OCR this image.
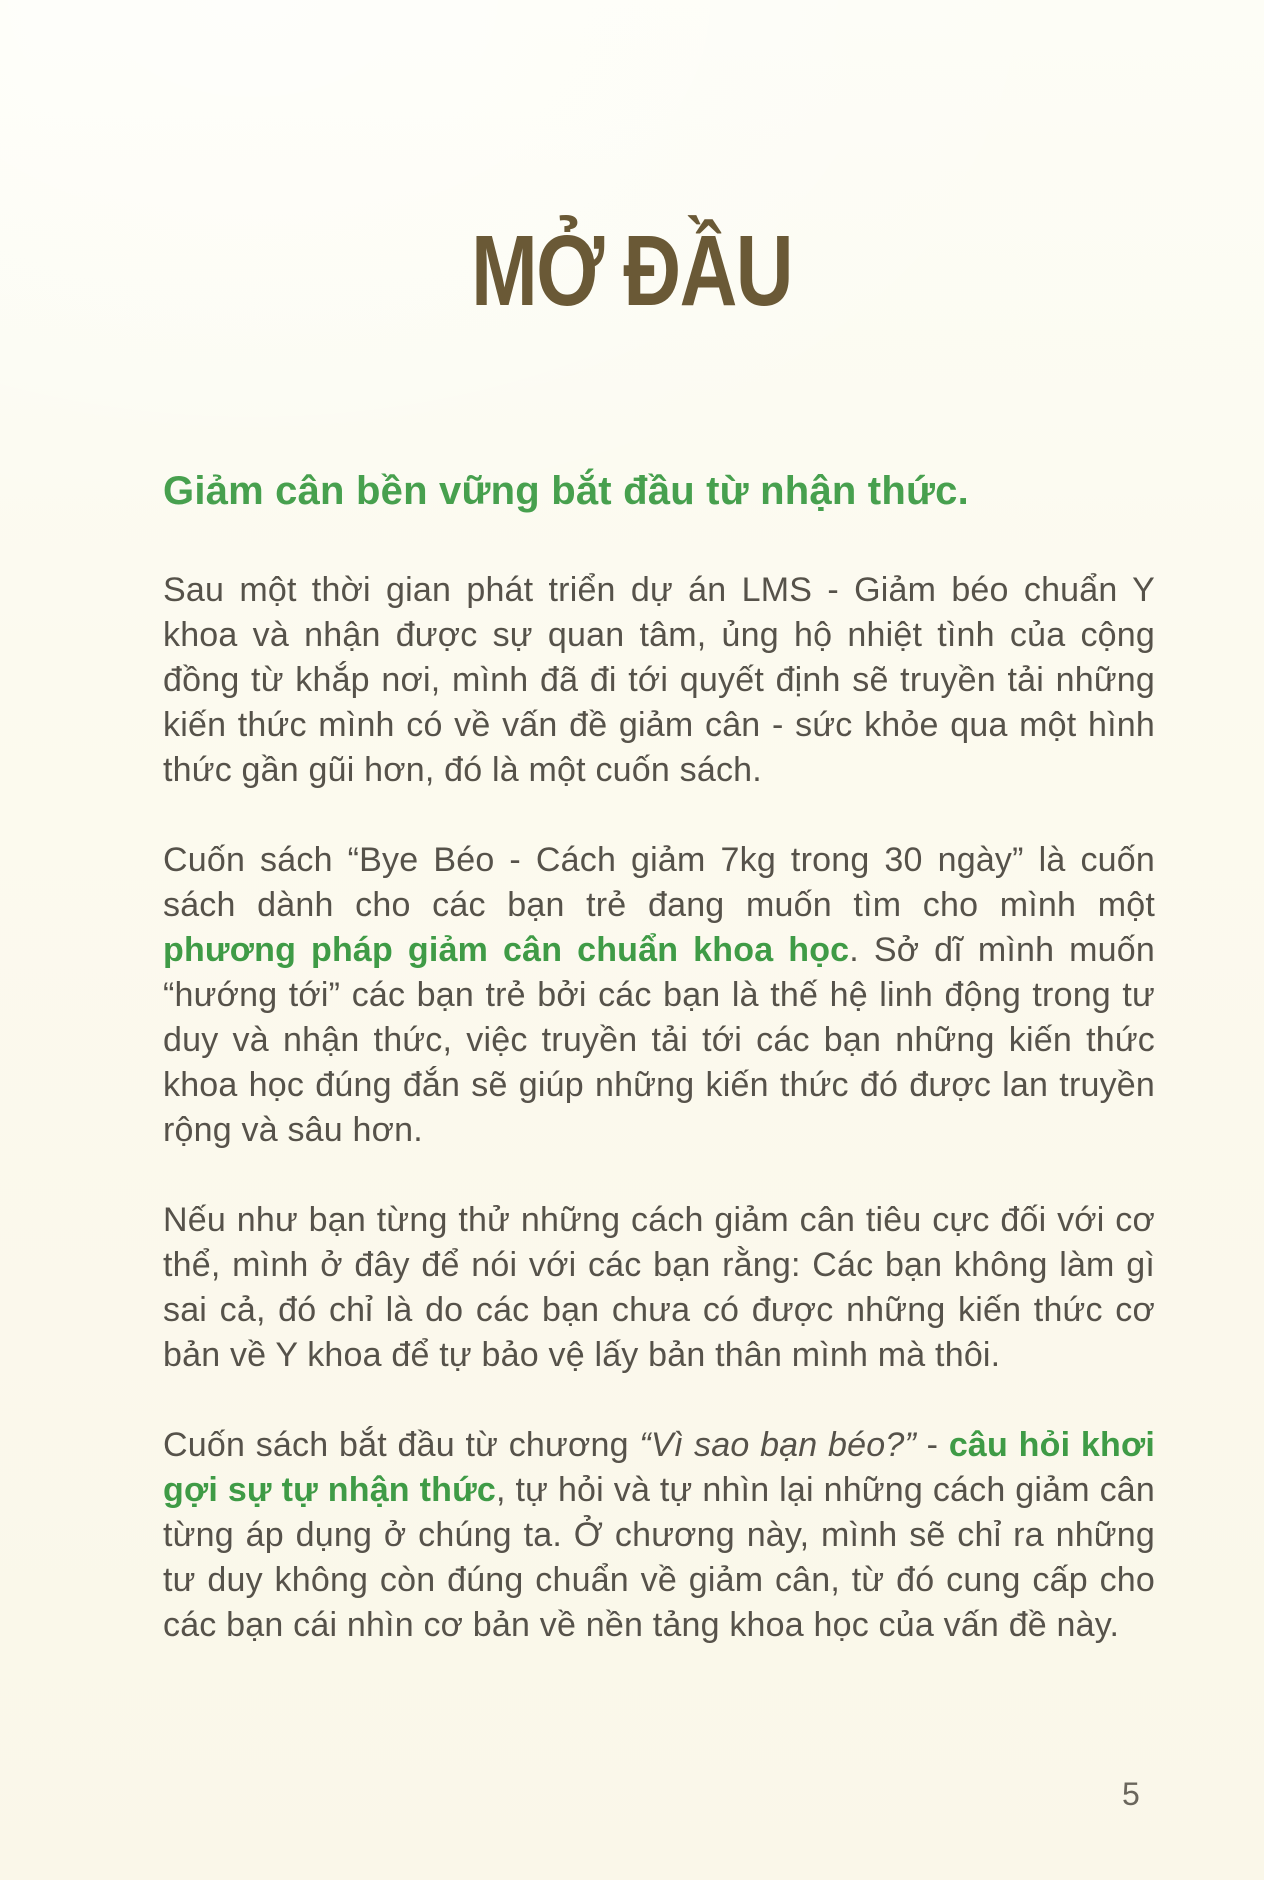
MỞ ĐẦU
Giảm cân bền vững bắt đầu từ nhận thức.

Sau một thời gian phát triển dự án LMS - Giảm béo chuẩn Y khoa và nhận được sự quan tâm, ủng hộ nhiệt tình của cộng đồng từ khắp nơi, mình đã đi tới quyết định sẽ truyền tải những kiến thức mình có về vấn đề giảm cân - sức khỏe qua một hình thức gần gũi hơn, đó là một cuốn sách.

Cuốn sách “Bye Béo - Cách giảm 7kg trong 30 ngày” là cuốn sách dành cho các bạn trẻ đang muốn tìm cho mình một phương pháp giảm cân chuẩn khoa học. Sở dĩ mình muốn “hướng tới” các bạn trẻ bởi các bạn là thế hệ linh động trong tư duy và nhận thức, việc truyền tải tới các bạn những kiến thức khoa học đúng đắn sẽ giúp những kiến thức đó được lan truyền rộng và sâu hơn.

Nếu như bạn từng thử những cách giảm cân tiêu cực đối với cơ thể, mình ở đây để nói với các bạn rằng: Các bạn không làm gì sai cả, đó chỉ là do các bạn chưa có được những kiến thức cơ bản về Y khoa để tự bảo vệ lấy bản thân mình mà thôi.

Cuốn sách bắt đầu từ chương “Vì sao bạn béo?” - câu hỏi khơi gợi sự tự nhận thức, tự hỏi và tự nhìn lại những cách giảm cân từng áp dụng ở chúng ta. Ở chương này, mình sẽ chỉ ra những tư duy không còn đúng chuẩn về giảm cân, từ đó cung cấp cho các bạn cái nhìn cơ bản về nền tảng khoa học của vấn đề này.

5
